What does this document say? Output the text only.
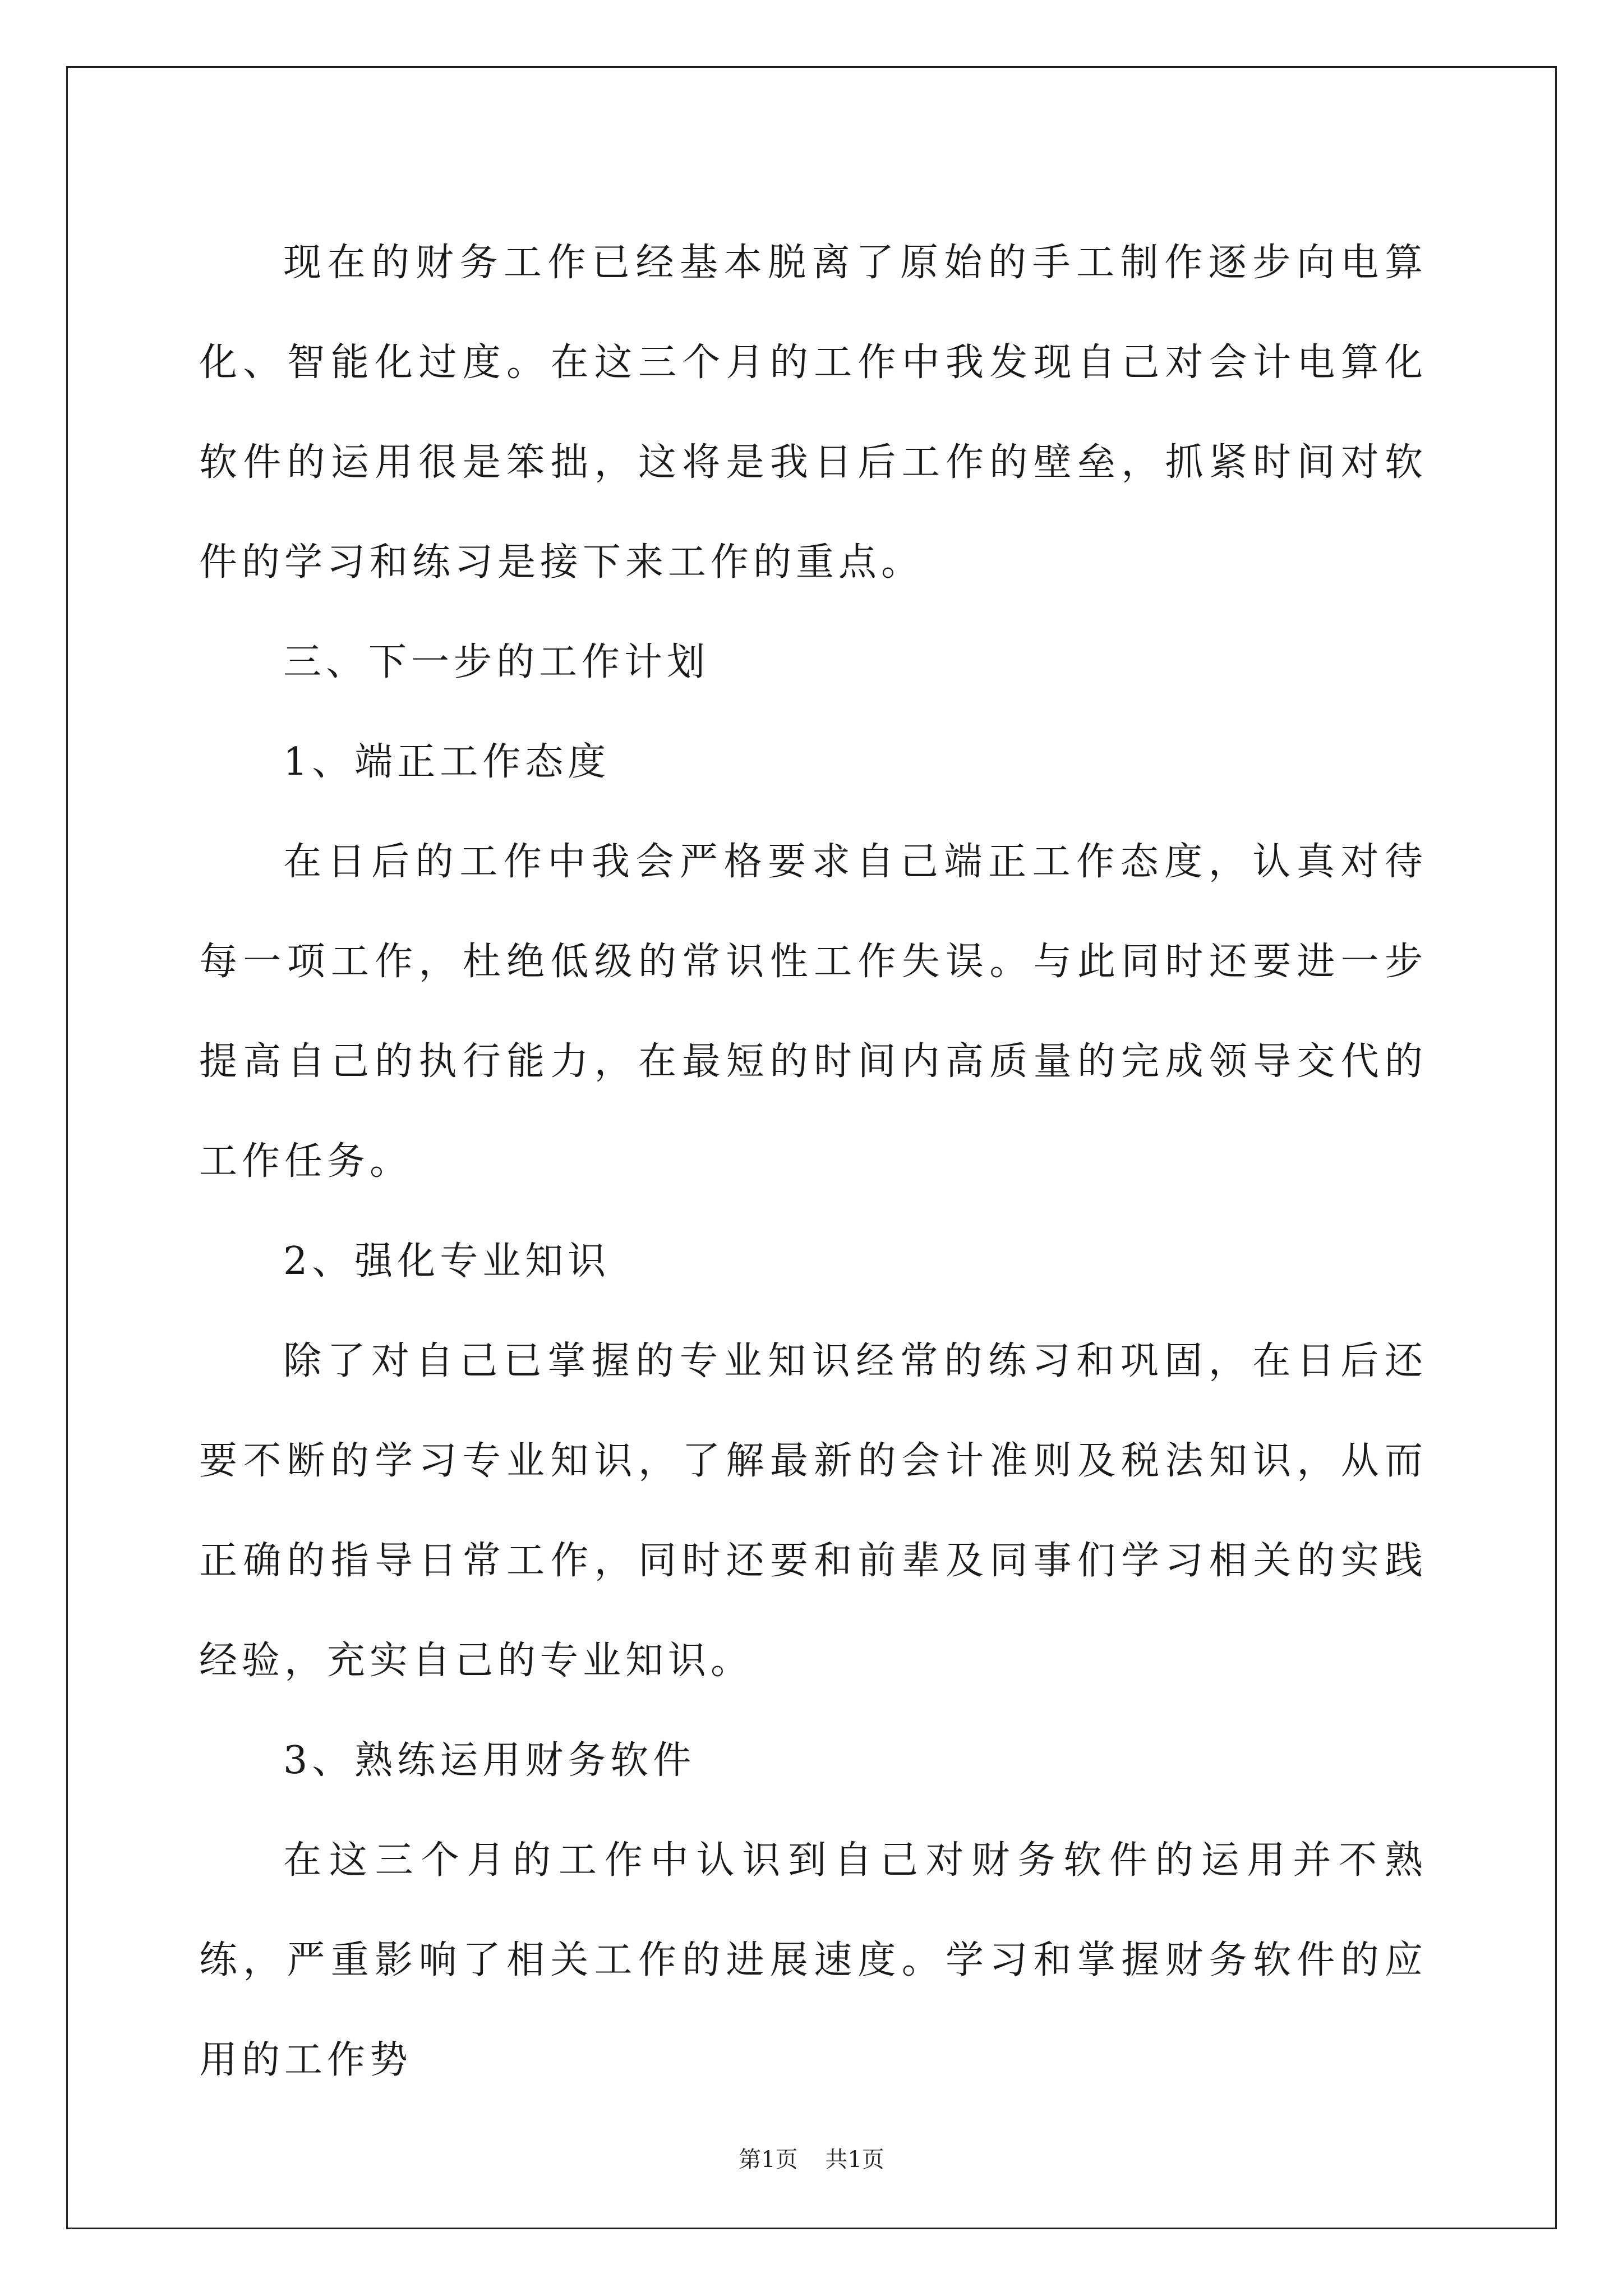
现在的财务工作已经基本脱离了原始的手工制作逐步向电算化、智能化过度。在这三个月的工作中我发现自己对会计电算化软件的运用很是笨拙，这将是我日后工作的壁垒，抓紧时间对软件的学习和练习是接下来工作的重点。

三、下一步的工作计划

1、端正工作态度

在日后的工作中我会严格要求自己端正工作态度，认真对待每一项工作，杜绝低级的常识性工作失误。与此同时还要进一步提高自己的执行能力，在最短的时间内高质量的完成领导交代的工作任务。

2、强化专业知识

除了对自己已掌握的专业知识经常的练习和巩固，在日后还要不断的学习专业知识，了解最新的会计准则及税法知识，从而正确的指导日常工作，同时还要和前辈及同事们学习相关的实践经验，充实自己的专业知识。

3、熟练运用财务软件

在这三个月的工作中认识到自己对财务软件的运用并不熟练，严重影响了相关工作的进展速度。学习和掌握财务软件的应用的工作势

第1页 共1页
